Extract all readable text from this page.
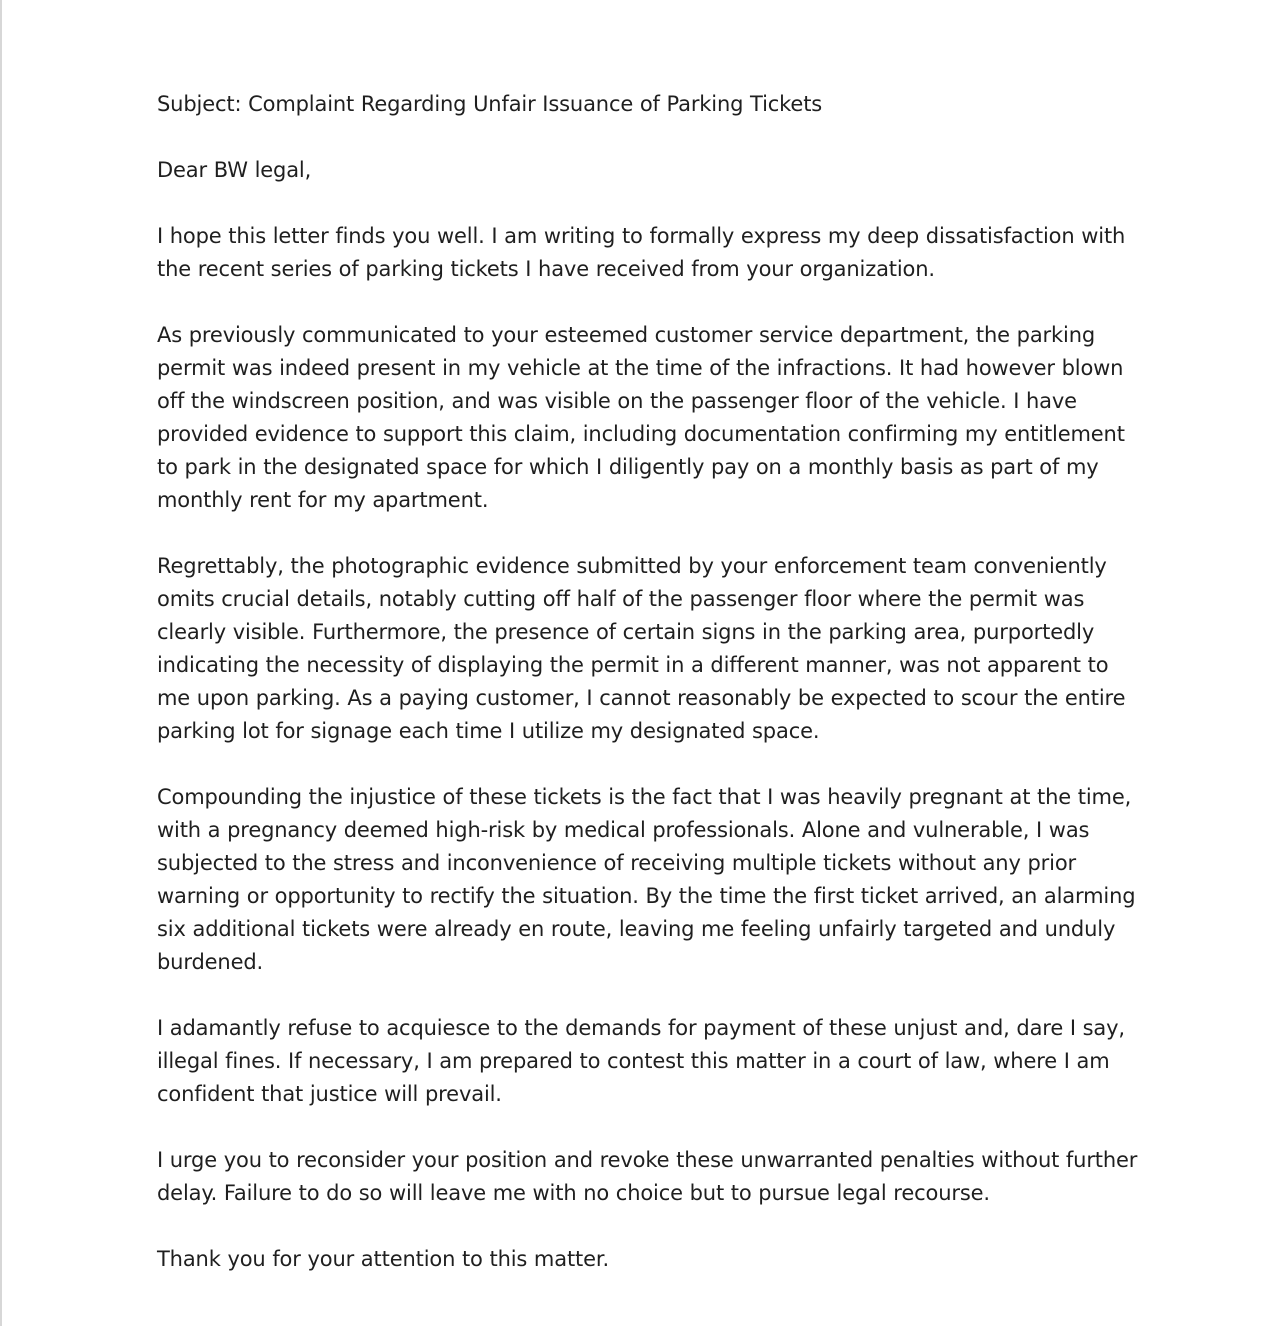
Subject: Complaint Regarding Unfair Issuance of Parking Tickets

Dear BW legal,

I hope this letter finds you well. I am writing to formally express my deep dissatisfaction with the recent series of parking tickets I have received from your organization.

As previously communicated to your esteemed customer service department, the parking permit was indeed present in my vehicle at the time of the infractions. It had however blown off the windscreen position, and was visible on the passenger floor of the vehicle. I have provided evidence to support this claim, including documentation confirming my entitlement to park in the designated space for which I diligently pay on a monthly basis as part of my monthly rent for my apartment.

Regrettably, the photographic evidence submitted by your enforcement team conveniently omits crucial details, notably cutting off half of the passenger floor where the permit was clearly visible. Furthermore, the presence of certain signs in the parking area, purportedly indicating the necessity of displaying the permit in a different manner, was not apparent to me upon parking. As a paying customer, I cannot reasonably be expected to scour the entire parking lot for signage each time I utilize my designated space.

Compounding the injustice of these tickets is the fact that I was heavily pregnant at the time, with a pregnancy deemed high-risk by medical professionals. Alone and vulnerable, I was subjected to the stress and inconvenience of receiving multiple tickets without any prior warning or opportunity to rectify the situation. By the time the first ticket arrived, an alarming six additional tickets were already en route, leaving me feeling unfairly targeted and unduly burdened.

I adamantly refuse to acquiesce to the demands for payment of these unjust and, dare I say, illegal fines. If necessary, I am prepared to contest this matter in a court of law, where I am confident that justice will prevail.

I urge you to reconsider your position and revoke these unwarranted penalties without further delay. Failure to do so will leave me with no choice but to pursue legal recourse.

Thank you for your attention to this matter.
